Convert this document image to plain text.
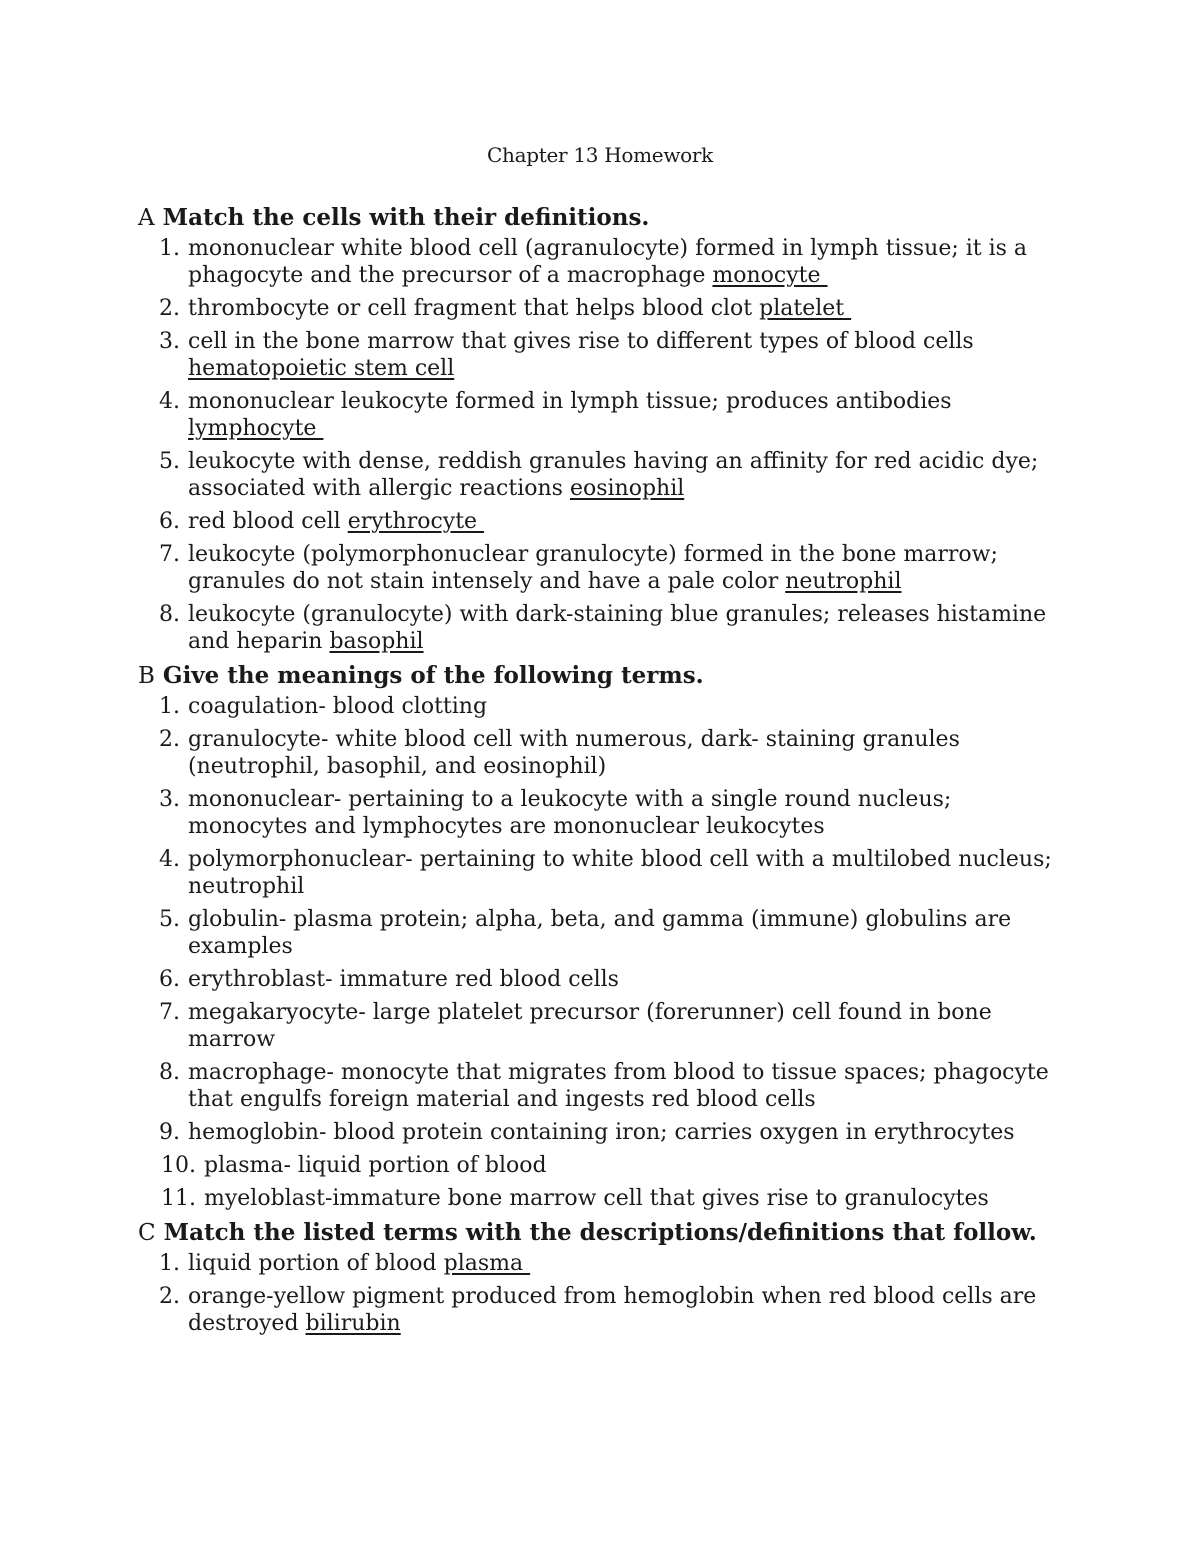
Chapter 13 Homework
A Match the cells with their definitions.
1. mononuclear white blood cell (agranulocyte) formed in lymph tissue; it is a phagocyte and the precursor of a macrophage monocyte
2. thrombocyte or cell fragment that helps blood clot platelet
3. cell in the bone marrow that gives rise to different types of blood cells hematopoietic stem cell
4. mononuclear leukocyte formed in lymph tissue; produces antibodies lymphocyte
5. leukocyte with dense, reddish granules having an affinity for red acidic dye; associated with allergic reactions eosinophil
6. red blood cell erythrocyte
7. leukocyte (polymorphonuclear granulocyte) formed in the bone marrow; granules do not stain intensely and have a pale color neutrophil
8. leukocyte (granulocyte) with dark-staining blue granules; releases histamine and heparin basophil
B Give the meanings of the following terms.
1. coagulation- blood clotting
2. granulocyte- white blood cell with numerous, dark- staining granules (neutrophil, basophil, and eosinophil)
3. mononuclear- pertaining to a leukocyte with a single round nucleus; monocytes and lymphocytes are mononuclear leukocytes
4. polymorphonuclear- pertaining to white blood cell with a multilobed nucleus; neutrophil
5. globulin- plasma protein; alpha, beta, and gamma (immune) globulins are examples
6. erythroblast- immature red blood cells
7. megakaryocyte- large platelet precursor (forerunner) cell found in bone marrow
8. macrophage- monocyte that migrates from blood to tissue spaces; phagocyte that engulfs foreign material and ingests red blood cells
9. hemoglobin- blood protein containing iron; carries oxygen in erythrocytes
10. plasma- liquid portion of blood
11. myeloblast-immature bone marrow cell that gives rise to granulocytes
C Match the listed terms with the descriptions/definitions that follow.
1. liquid portion of blood plasma
2. orange-yellow pigment produced from hemoglobin when red blood cells are destroyed bilirubin
